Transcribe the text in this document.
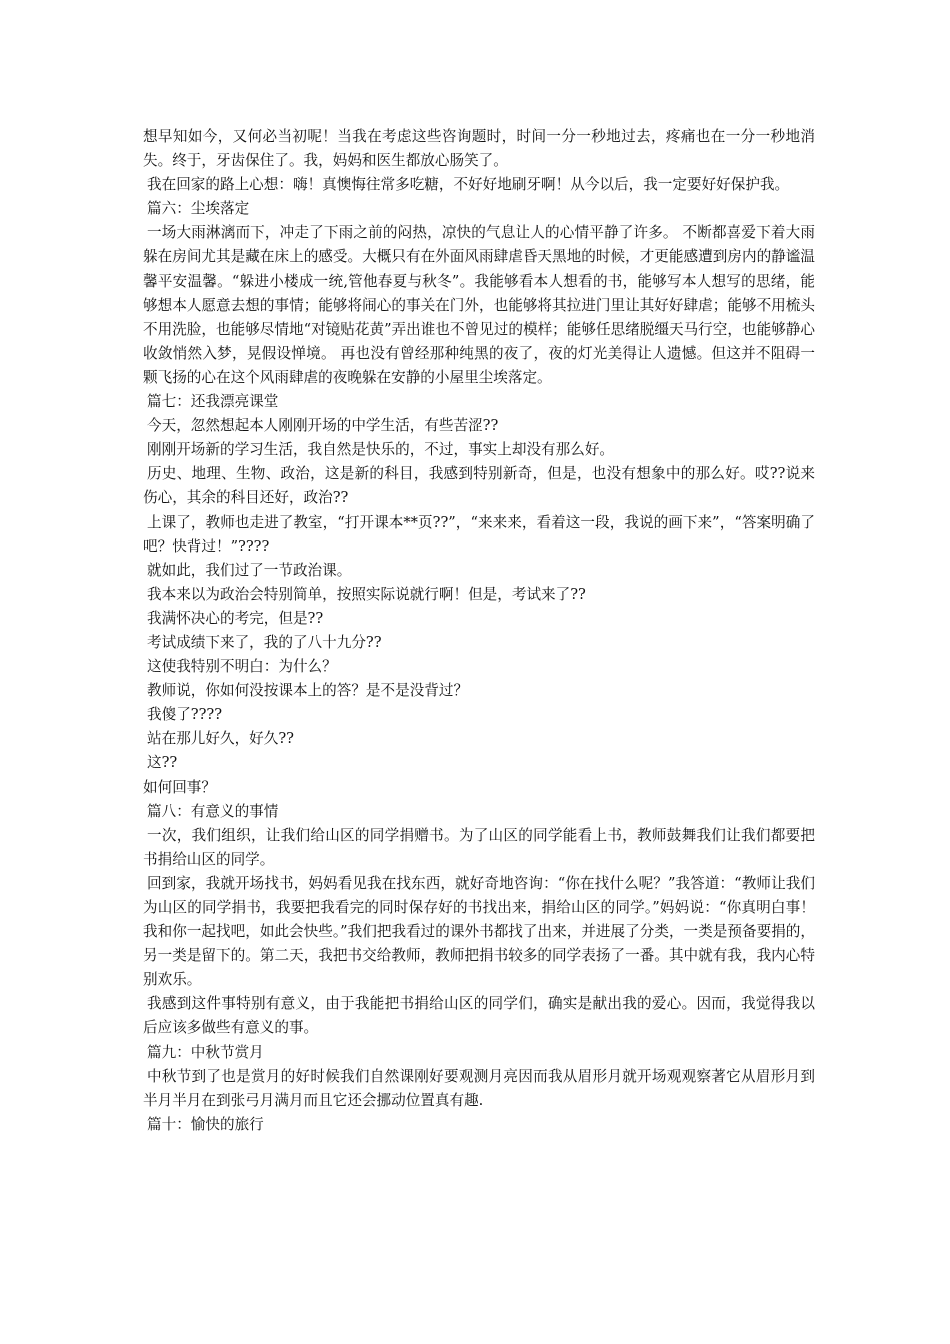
想早知如今，又何必当初呢！当我在考虑这些咨询题时，时间一分一秒地过去，疼痛也在一分一秒地消失。终于，牙齿保住了。我，妈妈和医生都放心肠笑了。

我在回家的路上心想：嗨！真懊悔往常多吃糖，不好好地刷牙啊！从今以后，我一定要好好保护我。

篇六：尘埃落定

一场大雨淋漓而下，冲走了下雨之前的闷热，凉快的气息让人的心情平静了许多。 不断都喜爱下着大雨躲在房间尤其是藏在床上的感受。大概只有在外面风雨肆虐昏天黑地的时候，才更能感遭到房内的静谧温馨平安温馨。“躲进小楼成一统,管他春夏与秋冬”。我能够看本人想看的书，能够写本人想写的思绪，能够想本人愿意去想的事情；能够将闹心的事关在门外，也能够将其拉进门里让其好好肆虐；能够不用梳头不用洗脸，也能够尽情地“对镜贴花黄”弄出谁也不曾见过的模样；能够任思绪脱缰天马行空，也能够静心收敛悄然入梦，晃假设惮境。 再也没有曾经那种纯黑的夜了，夜的灯光美得让人遗憾。但这并不阻碍一颗飞扬的心在这个风雨肆虐的夜晚躲在安静的小屋里尘埃落定。

篇七：还我漂亮课堂

今天，忽然想起本人刚刚开场的中学生活，有些苦涩??

刚刚开场新的学习生活，我自然是快乐的，不过，事实上却没有那么好。

历史、地理、生物、政治，这是新的科目，我感到特别新奇，但是，也没有想象中的那么好。哎??说来伤心，其余的科目还好，政治??

上课了，教师也走进了教室，“打开课本**页??”，“来来来，看着这一段，我说的画下来”，“答案明确了吧？快背过！”????

就如此，我们过了一节政治课。

我本来以为政治会特别简单，按照实际说就行啊！但是，考试来了??

我满怀决心的考完，但是??

考试成绩下来了，我的了八十九分??

这使我特别不明白：为什么？

教师说，你如何没按课本上的答？是不是没背过？

我傻了????

站在那儿好久，好久??

这??

如何回事？

篇八：有意义的事情

一次，我们组织，让我们给山区的同学捐赠书。为了山区的同学能看上书，教师鼓舞我们让我们都要把书捐给山区的同学。

回到家，我就开场找书，妈妈看见我在找东西，就好奇地咨询：“你在找什么呢？”我答道：“教师让我们为山区的同学捐书，我要把我看完的同时保存好的书找出来，捐给山区的同学。”妈妈说：“你真明白事！我和你一起找吧，如此会快些。”我们把我看过的课外书都找了出来，并进展了分类，一类是预备要捐的，另一类是留下的。第二天，我把书交给教师，教师把捐书较多的同学表扬了一番。其中就有我，我内心特别欢乐。

我感到这件事特别有意义，由于我能把书捐给山区的同学们，确实是献出我的爱心。因而，我觉得我以后应该多做些有意义的事。

篇九：中秋节赏月

中秋节到了也是赏月的好时候我们自然课刚好要观测月亮因而我从眉形月就开场观观察著它从眉形月到半月半月在到张弓月满月而且它还会挪动位置真有趣.

篇十：愉快的旅行
